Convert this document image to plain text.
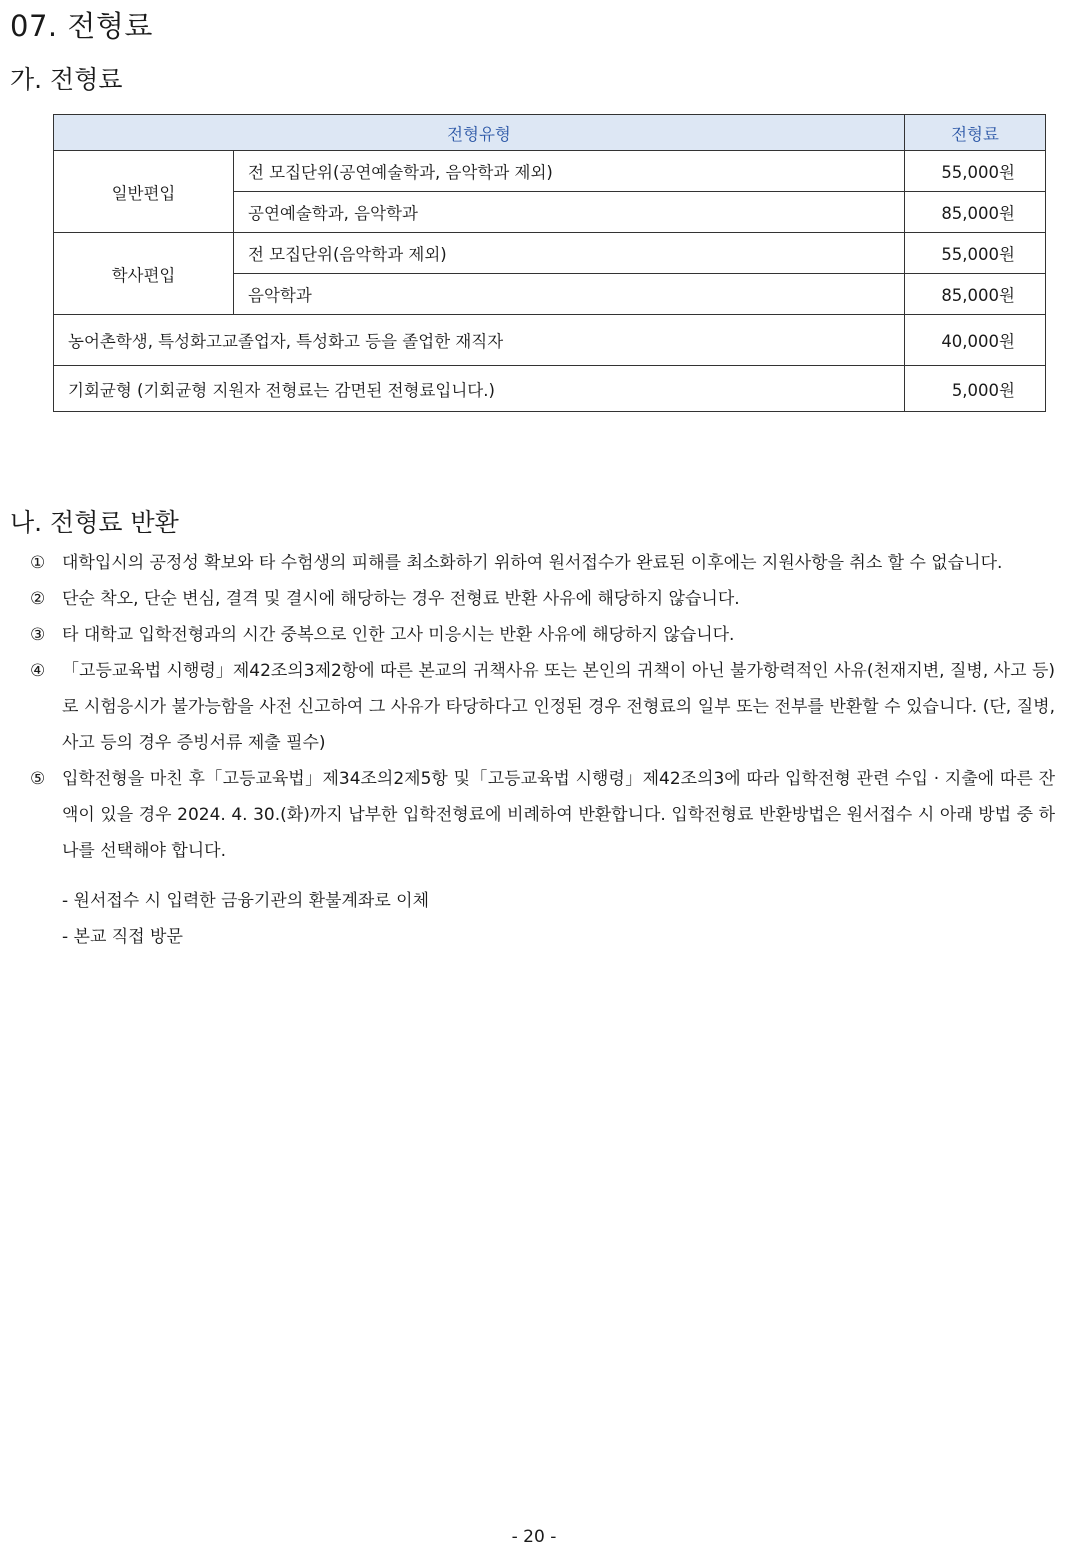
07. 전형료
가. 전형료
전형유형		전형료
일반편입	전 모집단위(공연예술학과, 음악학과 제외)	55,000원
	공연예술학과, 음악학과	85,000원
학사편입	전 모집단위(음악학과 제외)	55,000원
	음악학과	85,000원
농어촌학생, 특성화고교졸업자, 특성화고 등을 졸업한 재직자		40,000원
기회균형 (기회균형 지원자 전형료는 감면된 전형료입니다.)		5,000원
나. 전형료 반환
① 대학입시의 공정성 확보와 타 수험생의 피해를 최소화하기 위하여 원서접수가 완료된 이후에는 지원사항을 취소 할 수 없습니다.
② 단순 착오, 단순 변심, 결격 및 결시에 해당하는 경우 전형료 반환 사유에 해당하지 않습니다.
③ 타 대학교 입학전형과의 시간 중복으로 인한 고사 미응시는 반환 사유에 해당하지 않습니다.
④ 「고등교육법 시행령」제42조의3제2항에 따른 본교의 귀책사유 또는 본인의 귀책이 아닌 불가항력적인 사유(천재지변, 질병, 사고 등)로 시험응시가 불가능함을 사전 신고하여 그 사유가 타당하다고 인정된 경우 전형료의 일부 또는 전부를 반환할 수 있습니다. (단, 질병, 사고 등의 경우 증빙서류 제출 필수)
⑤ 입학전형을 마친 후「고등교육법」제34조의2제5항 및「고등교육법 시행령」제42조의3에 따라 입학전형 관련 수입 · 지출에 따른 잔액이 있을 경우 2024. 4. 30.(화)까지 납부한 입학전형료에 비례하여 반환합니다. 입학전형료 반환방법은 원서접수 시 아래 방법 중 하나를 선택해야 합니다.
- 원서접수 시 입력한 금융기관의 환불계좌로 이체
- 본교 직접 방문
- 20 -
